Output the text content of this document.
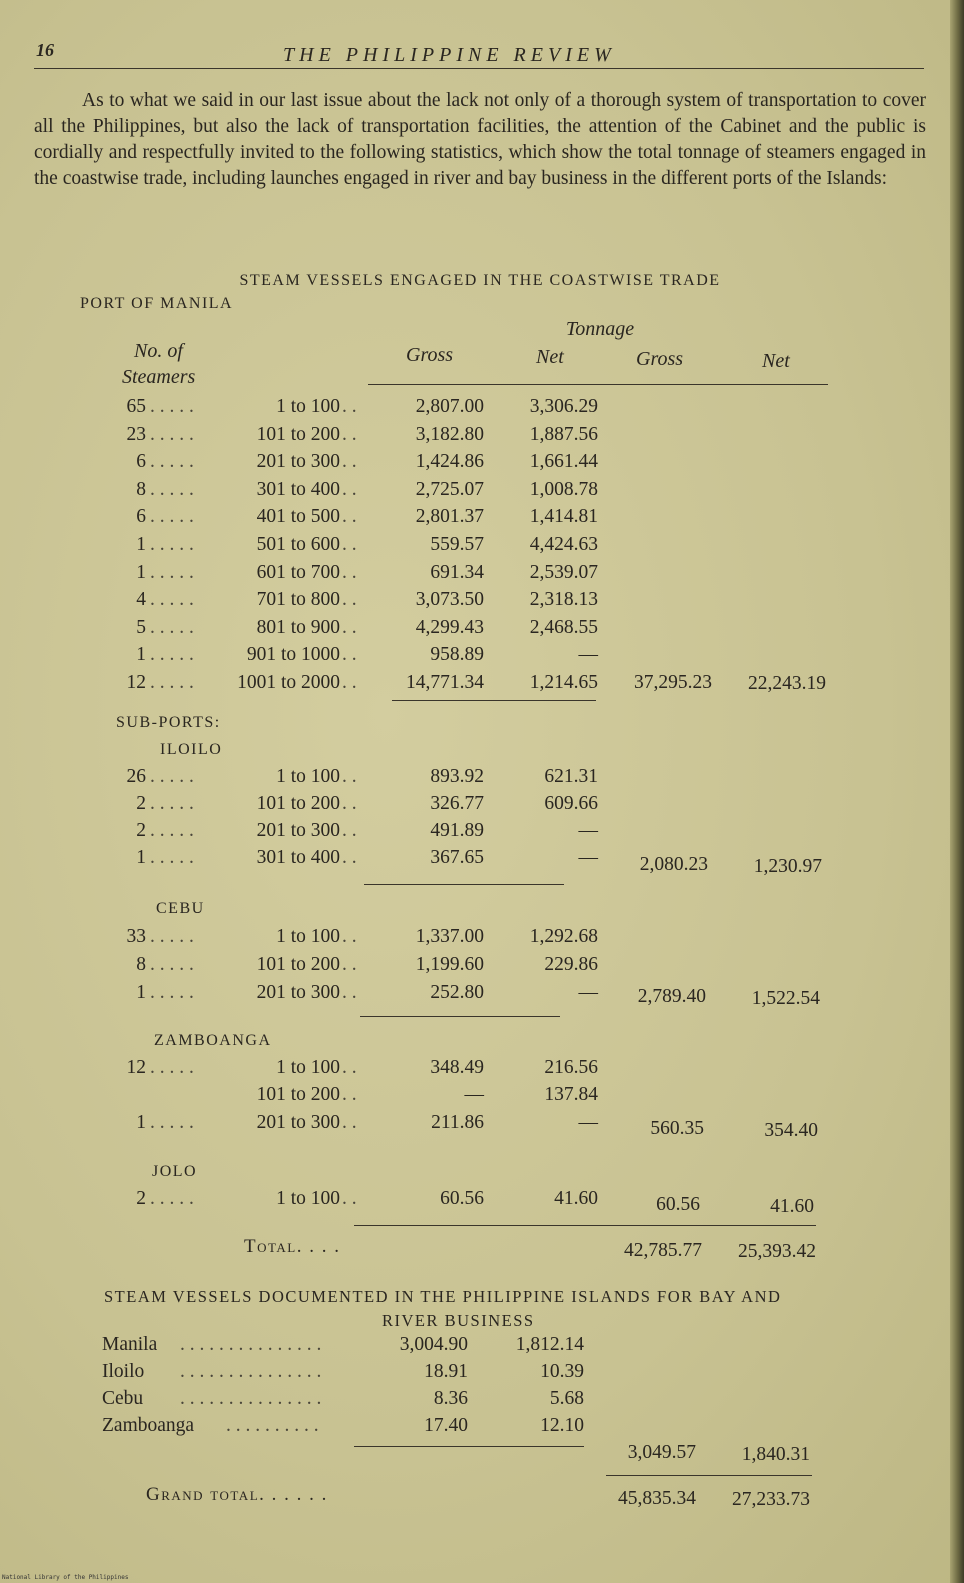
16	THE PHILIPPINE REVIEW

As to what we said in our last issue about the lack not only of a thorough system of transportation to cover all the Philippines, but also the lack of transportation facilities, the attention of the Cabinet and the public is cordially and respectfully invited to the following statistics, which show the total tonnage of steamers engaged in the coastwise trade, including launches engaged in river and bay business in the different ports of the Islands:

STEAM VESSELS ENGAGED IN THE COASTWISE TRADE
PORT OF MANILA
No. of
Steamers
Tonnage
Gross	Net	Gross	Net
. . . . .
65	1 to 100 . .	2,807.00	3,306.29
. . . . .
23	101 to 200 . .	3,182.80	1,887.56
. . . . .
6	201 to 300 . .	1,424.86	1,661.44
. . . . .
8	301 to 400 . .	2,725.07	1,008.78
. . . . .
6	401 to 500 . .	2,801.37	1,414.81
. . . . .
1	501 to 600 . .	559.57	4,424.63
. . . . .
1	601 to 700 . .	691.34	2,539.07
. . . . .
4	701 to 800 . .	3,073.50	2,318.13
. . . . .
5	801 to 900 . .	4,299.43	2,468.55
. . . . .
1	901 to 1000 . .	958.89	—
. . . . .
12	1001 to 2000 . .	14,771.34	1,214.65	37,295.23	22,243.19
SUB-PORTS:
ILOILO
. . . . .
26	1 to 100 . .	893.92	621.31
. . . . .
2	101 to 200 . .	326.77	609.66
. . . . .
2	201 to 300 . .	491.89	—
. . . . .
1	301 to 400 . .	367.65	—	2,080.23	1,230.97
CEBU
. . . . .
33	1 to 100 . .	1,337.00	1,292.68
. . . . .
8	101 to 200 . .	1,199.60	229.86
. . . . .
1	201 to 300 . .	252.80	—	2,789.40	1,522.54
ZAMBOANGA
. . . . .
12	1 to 100 . .	348.49	216.56
101 to 200 . .	—	137.84
. . . . .
1	201 to 300 . .	211.86	—	560.35	354.40
JOLO
. . . . .
2	1 to 100 . .	60.56	41.60	60.56	41.60
Total. . . .	42,785.77	25,393.42
STEAM VESSELS DOCUMENTED IN THE PHILIPPINE ISLANDS FOR BAY AND
RIVER BUSINESS
Manila . . . . . . . . . . . . . . .	3,004.90	1,812.14
Iloilo . . . . . . . . . . . . . . .	18.91	10.39
Cebu . . . . . . . . . . . . . . .	8.36	5.68
Zamboanga . . . . . . . . . .	17.40	12.10
3,049.57	1,840.31
Grand total. . . . . .	45,835.34	27,233.73
National Library of the Philippines
